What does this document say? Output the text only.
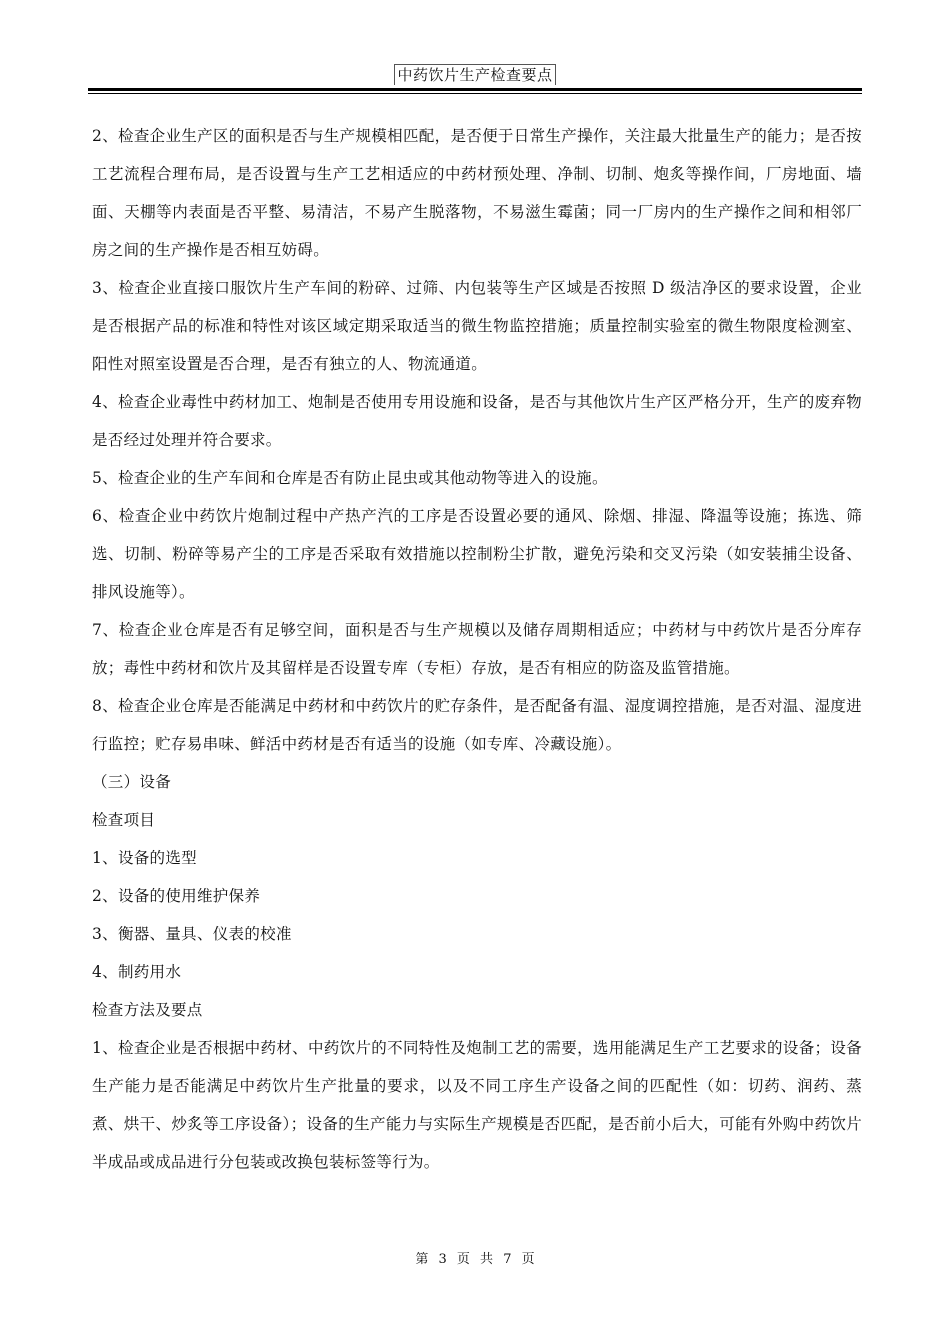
中药饮片生产检查要点

2、检查企业生产区的面积是否与生产规模相匹配，是否便于日常生产操作，关注最大批量生产的能力；是否按工艺流程合理布局，是否设置与生产工艺相适应的中药材预处理、净制、切制、炮炙等操作间，厂房地面、墙面、天棚等内表面是否平整、易清洁，不易产生脱落物，不易滋生霉菌；同一厂房内的生产操作之间和相邻厂房之间的生产操作是否相互妨碍。

3、检查企业直接口服饮片生产车间的粉碎、过筛、内包装等生产区域是否按照 D 级洁净区的要求设置，企业是否根据产品的标准和特性对该区域定期采取适当的微生物监控措施；质量控制实验室的微生物限度检测室、阳性对照室设置是否合理，是否有独立的人、物流通道。

4、检查企业毒性中药材加工、炮制是否使用专用设施和设备，是否与其他饮片生产区严格分开，生产的废弃物是否经过处理并符合要求。

5、检查企业的生产车间和仓库是否有防止昆虫或其他动物等进入的设施。

6、检查企业中药饮片炮制过程中产热产汽的工序是否设置必要的通风、除烟、排湿、降温等设施；拣选、筛选、切制、粉碎等易产尘的工序是否采取有效措施以控制粉尘扩散，避免污染和交叉污染（如安装捕尘设备、排风设施等）。

7、检查企业仓库是否有足够空间，面积是否与生产规模以及储存周期相适应；中药材与中药饮片是否分库存放；毒性中药材和饮片及其留样是否设置专库（专柜）存放，是否有相应的防盗及监管措施。

8、检查企业仓库是否能满足中药材和中药饮片的贮存条件，是否配备有温、湿度调控措施，是否对温、湿度进行监控；贮存易串味、鲜活中药材是否有适当的设施（如专库、冷藏设施）。

（三）设备

检查项目

1、设备的选型

2、设备的使用维护保养

3、衡器、量具、仪表的校准

4、制药用水

检查方法及要点

1、检查企业是否根据中药材、中药饮片的不同特性及炮制工艺的需要，选用能满足生产工艺要求的设备；设备生产能力是否能满足中药饮片生产批量的要求，以及不同工序生产设备之间的匹配性（如：切药、润药、蒸煮、烘干、炒炙等工序设备）；设备的生产能力与实际生产规模是否匹配，是否前小后大，可能有外购中药饮片半成品或成品进行分包装或改换包装标签等行为。

第 3 页 共 7 页
